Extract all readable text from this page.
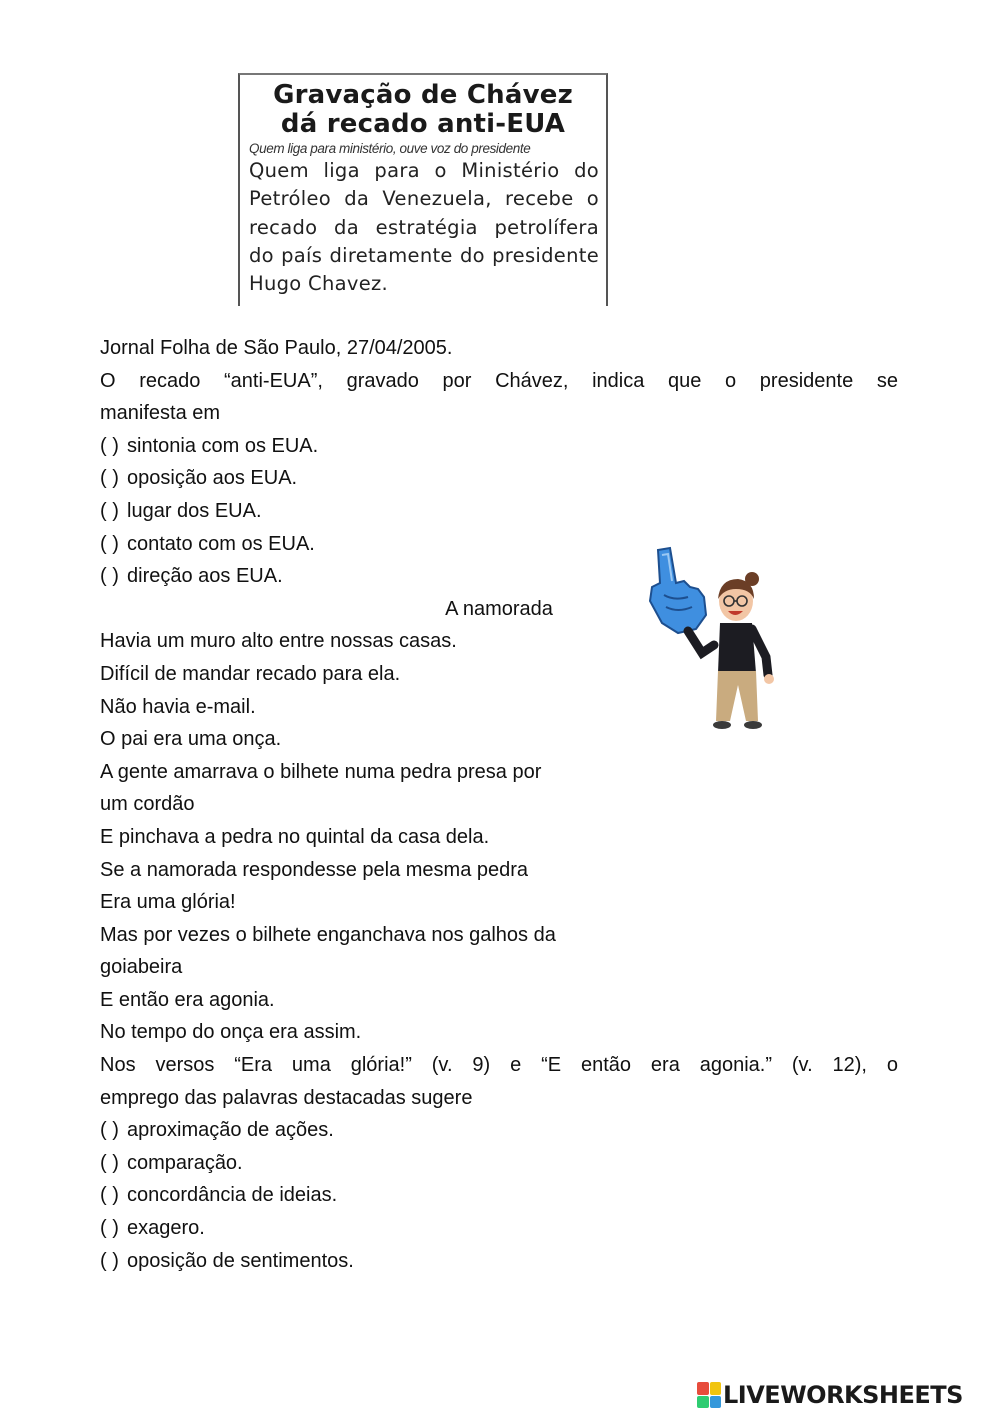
Gravação de Chávez
dá recado anti-EUA
Quem liga para ministério, ouve voz do presidente
Quem liga para o Ministério do Petróleo da Venezuela, recebe o recado da estratégia petrolífera do país diretamente do presidente Hugo Chavez.
Jornal Folha de São Paulo, 27/04/2005.
O recado “anti-EUA”, gravado por Chávez, indica que o presidente se
manifesta em
( ) sintonia com os EUA.
( ) oposição aos EUA.
( ) lugar dos EUA.
( ) contato com os EUA.
( ) direção aos EUA.
A namorada
Havia um muro alto entre nossas casas.
Difícil de mandar recado para ela.
Não havia e-mail.
O pai era uma onça.
A gente amarrava o bilhete numa pedra presa por
um cordão
E pinchava a pedra no quintal da casa dela.
Se a namorada respondesse pela mesma pedra
Era uma glória!
Mas por vezes o bilhete enganchava nos galhos da
goiabeira
E então era agonia.
No tempo do onça era assim.
Nos versos “Era uma glória!” (v. 9) e “E então era agonia.” (v. 12), o
emprego das palavras destacadas sugere
( ) aproximação de ações.
( ) comparação.
( ) concordância de ideias.
( ) exagero.
( ) oposição de sentimentos.
LIVEWORKSHEETS
